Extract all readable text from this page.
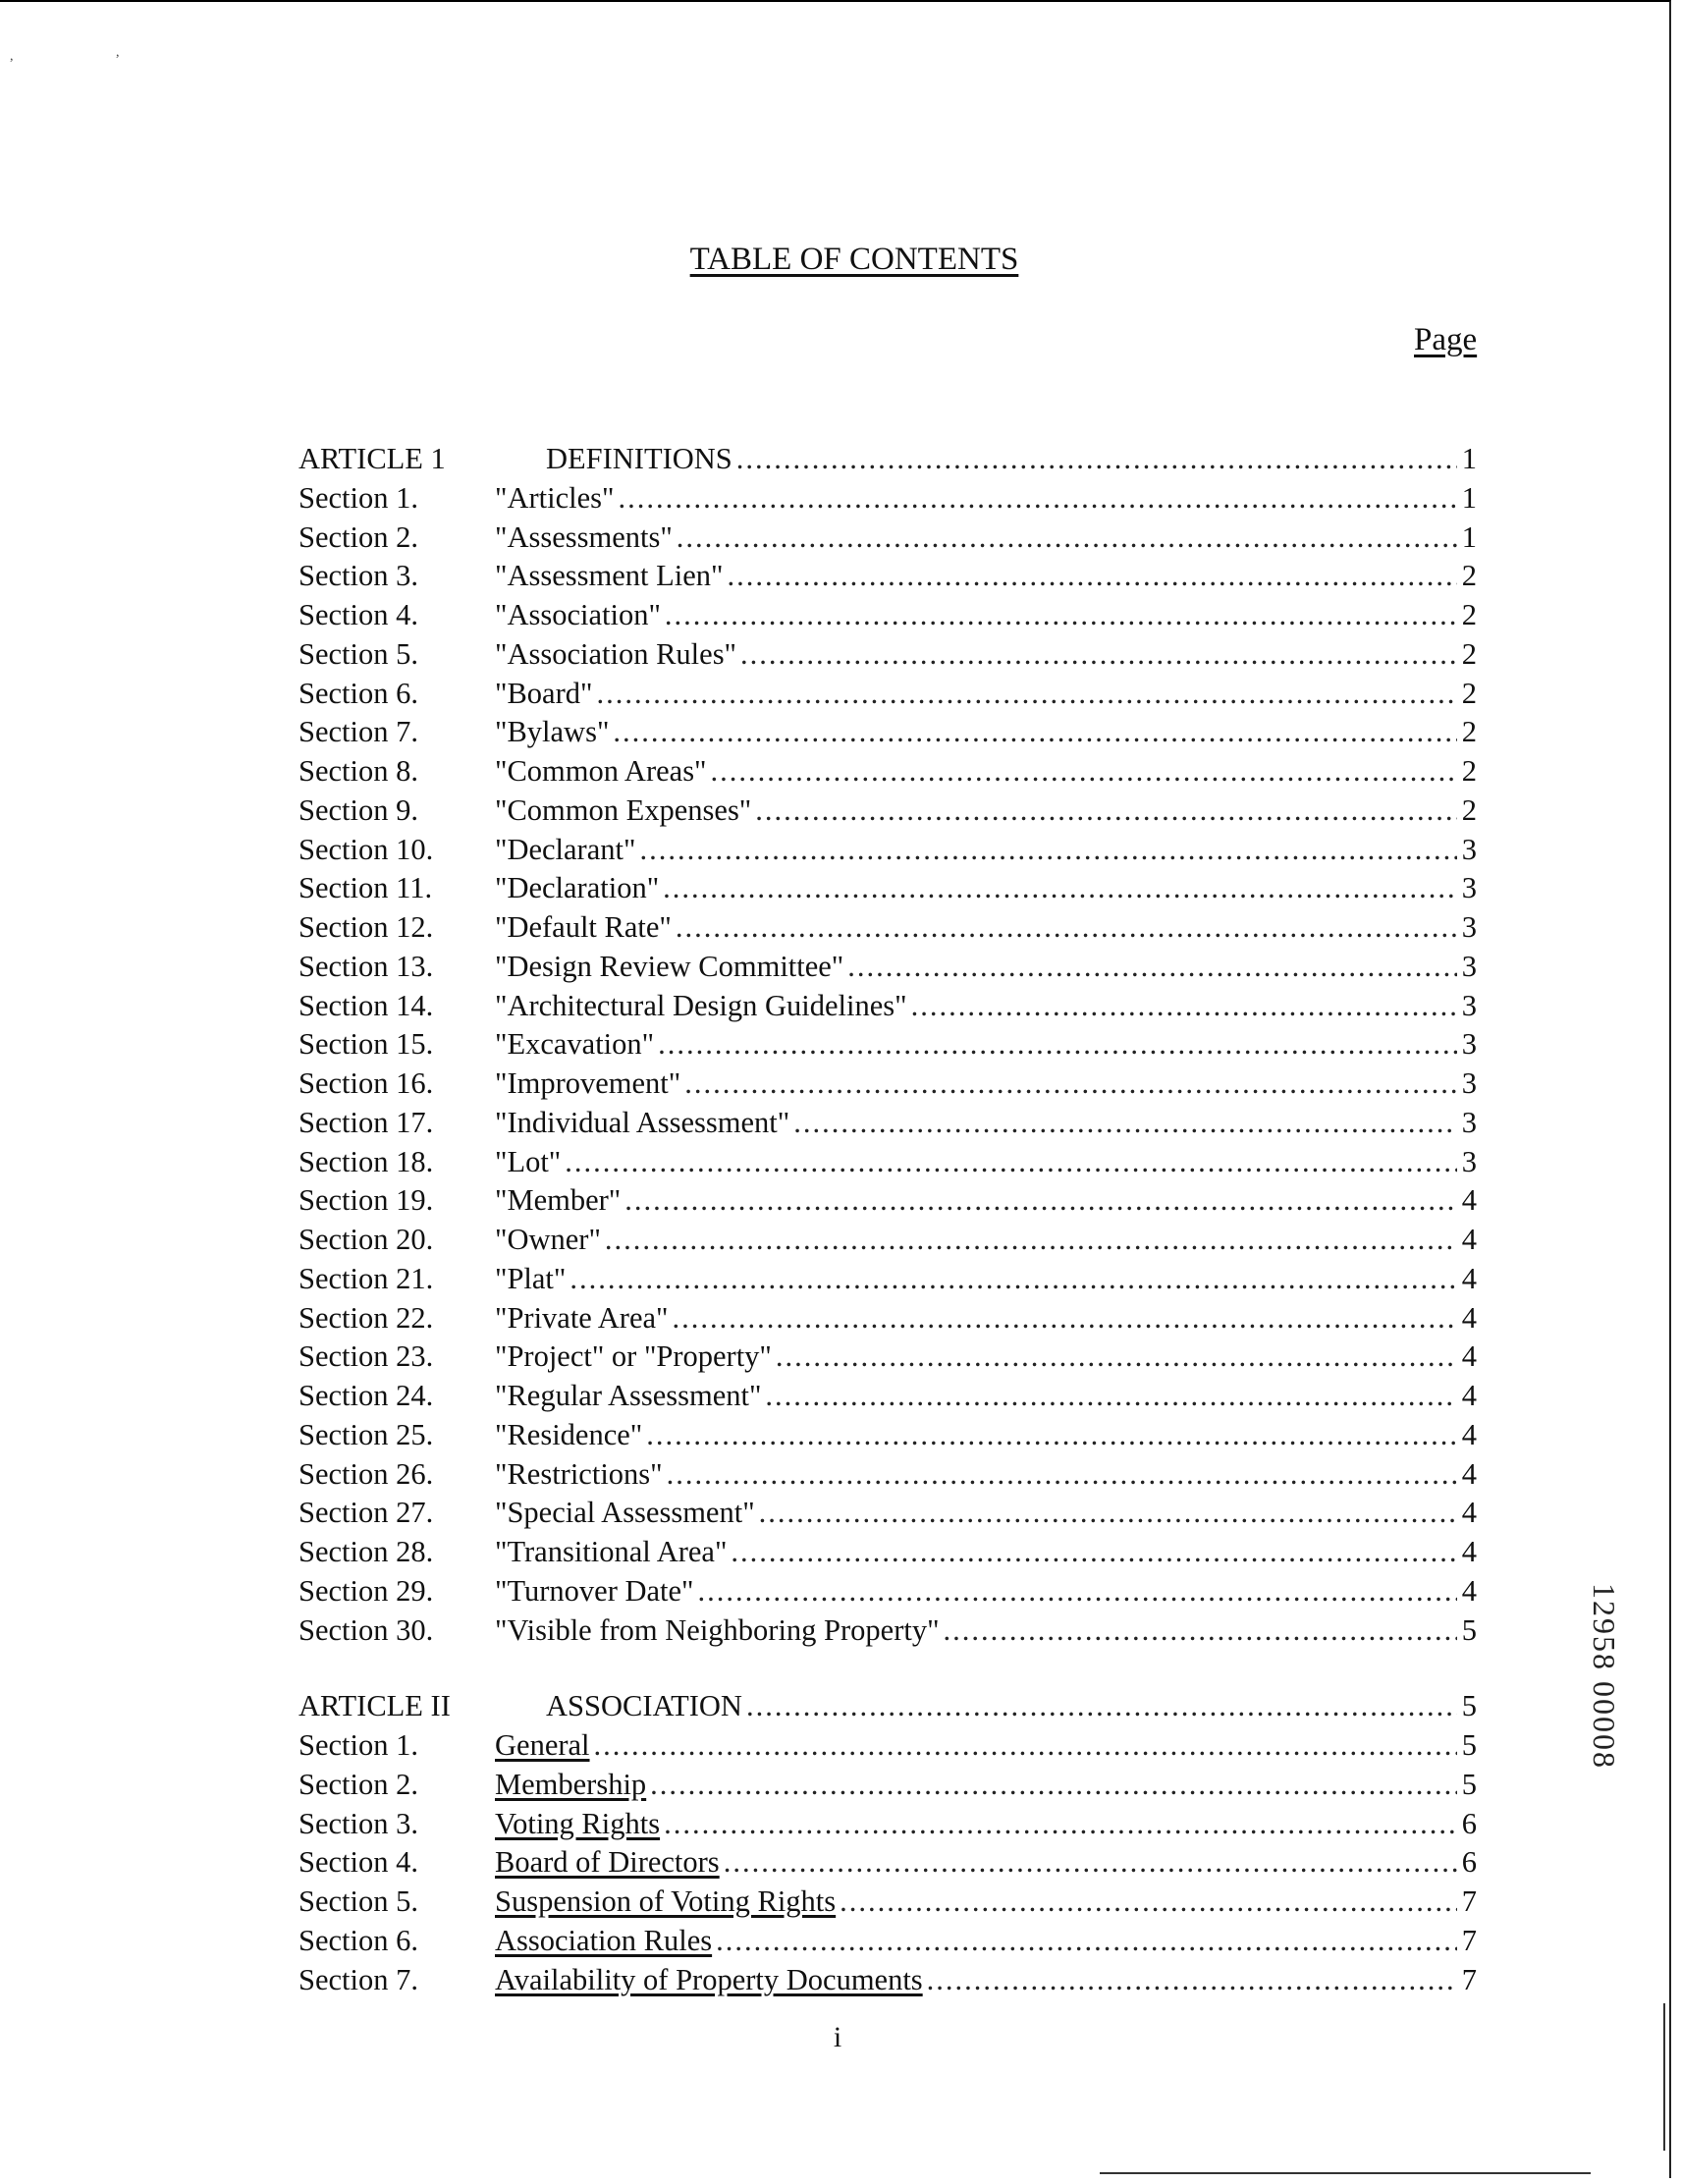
,	,
TABLE OF CONTENTS
Page
ARTICLE 1	DEFINITIONS .....	1
Section 1.	"Articles" .....	1
Section 2.	"Assessments" .....	1
Section 3.	"Assessment Lien" .....	2
Section 4.	"Association" .....	2
Section 5.	"Association Rules" .....	2
Section 6.	"Board" .....	2
Section 7.	"Bylaws" .....	2
Section 8.	"Common Areas" .....	2
Section 9.	"Common Expenses" .....	2
Section 10.	"Declarant" .....	3
Section 11.	"Declaration" .....	3
Section 12.	"Default Rate" .....	3
Section 13.	"Design Review Committee" .....	3
Section 14.	"Architectural Design Guidelines" .....	3
Section 15.	"Excavation" .....	3
Section 16.	"Improvement" .....	3
Section 17.	"Individual Assessment" .....	3
Section 18.	"Lot" .....	3
Section 19.	"Member" .....	4
Section 20.	"Owner" .....	4
Section 21.	"Plat" .....	4
Section 22.	"Private Area" .....	4
Section 23.	"Project" or "Property" .....	4
Section 24.	"Regular Assessment" .....	4
Section 25.	"Residence" .....	4
Section 26.	"Restrictions" .....	4
Section 27.	"Special Assessment" .....	4
Section 28.	"Transitional Area" .....	4
Section 29.	"Turnover Date" .....	4
Section 30.	"Visible from Neighboring Property" .....	5
ARTICLE II	ASSOCIATION .....	5
Section 1.	General .....	5
Section 2.	Membership .....	5
Section 3.	Voting Rights .....	6
Section 4.	Board of Directors .....	6
Section 5.	Suspension of Voting Rights .....	7
Section 6.	Association Rules .....	7
Section 7.	Availability of Property Documents .....	7
12958 00008
i
